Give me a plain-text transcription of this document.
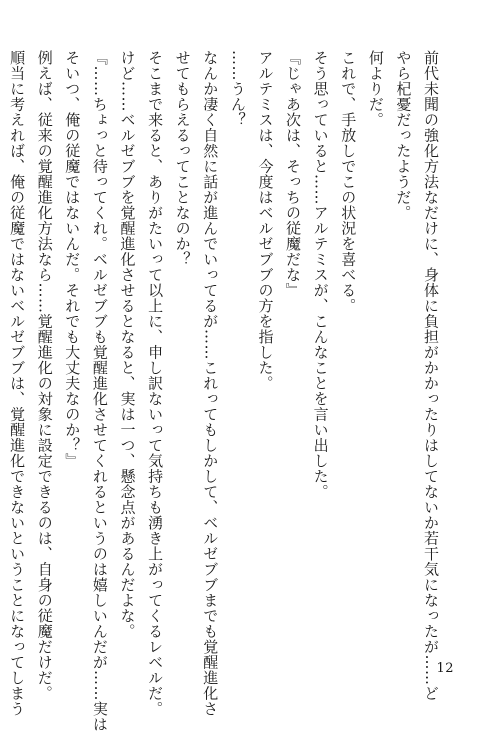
前代未聞の強化方法なだけに、身体に負担がかかったりはしてないか若干気になったが……ど
やら杞憂だったようだ。
何よりだ。
これで、手放しでこの状況を喜べる。
そう思っていると……アルテミスが、こんなことを言い出した。
『じゃあ次は、そっちの従魔だな』
アルテミスは、今度はベルゼブブの方を指した。
……うん？
なんか凄く自然に話が進んでいってるが……これってもしかして、ベルゼブブまでも覚醒進化さ
せてもらえるってことなのか？
そこまで来ると、ありがたいって以上に、申し訳ないって気持ちも湧き上がってくるレベルだ。
けど……ベルゼブブを覚醒進化させるとなると、実は一つ、懸念点があるんだよな。
『……ちょっと待ってくれ。ベルゼブブも覚醒進化させてくれるというのは嬉しいんだが……実は
そいつ、俺の従魔ではないんだ。それでも大丈夫なのか？』
例えば、従来の覚醒進化方法なら……覚醒進化の対象に設定できるのは、自身の従魔だけだ。
順当に考えれば、俺の従魔ではないベルゼブブは、覚醒進化できないということになってしまう	12
